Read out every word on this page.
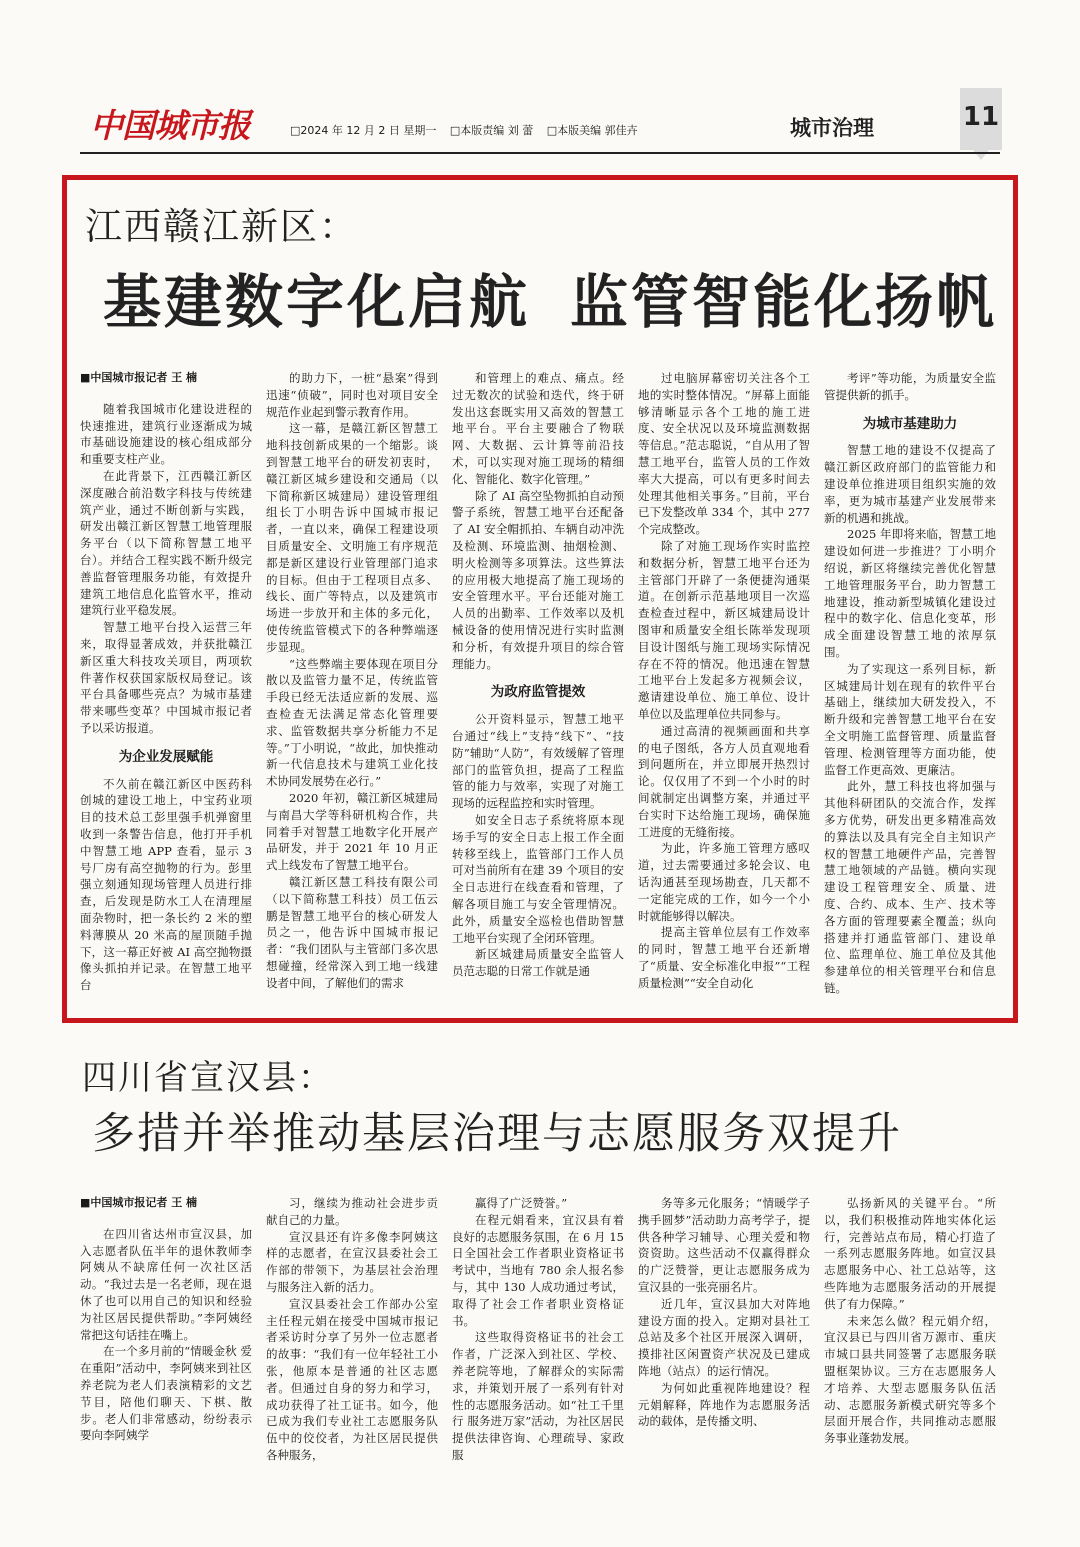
中国城市报	□2024 年 12 月 2 日 星期一 □本版责编 刘 蕾 □本版美编 郭佳卉	城市治理	11
江西赣江新区：
基建数字化启航 监管智能化扬帆

■中国城市报记者 王 楠

随着我国城市化建设进程的快速推进，建筑行业逐渐成为城市基础设施建设的核心组成部分和重要支柱产业。

在此背景下，江西赣江新区深度融合前沿数字科技与传统建筑产业，通过不断创新与实践，研发出赣江新区智慧工地管理服务平台（以下简称智慧工地平台）。并结合工程实践不断升级完善监督管理服务功能，有效提升建筑工地信息化监管水平，推动建筑行业平稳发展。

智慧工地平台投入运营三年来，取得显著成效，并获批赣江新区重大科技攻关项目，两项软件著作权获国家版权局登记。该平台具备哪些亮点？为城市基建带来哪些变革？中国城市报记者予以采访报道。

为企业发展赋能

不久前在赣江新区中医药科创城的建设工地上，中宝药业项目的技术总工彭里强手机弹窗里收到一条警告信息，他打开手机中智慧工地 APP 查看，显示 3 号厂房有高空抛物的行为。彭里强立刻通知现场管理人员进行排查，后发现是防水工人在清理屋面杂物时，把一条长约 2 米的塑料薄膜从 20 米高的屋顶随手抛下，这一幕正好被 AI 高空抛物摄像头抓拍并记录。在智慧工地平台

的助力下，一桩“悬案”得到迅速“侦破”，同时也对项目安全规范作业起到警示教育作用。

这一幕，是赣江新区智慧工地科技创新成果的一个缩影。谈到智慧工地平台的研发初衷时，赣江新区城乡建设和交通局（以下简称新区城建局）建设管理组组长丁小明告诉中国城市报记者，一直以来，确保工程建设项目质量安全、文明施工有序规范都是新区建设行业管理部门追求的目标。但由于工程项目点多、线长、面广等特点，以及建筑市场进一步放开和主体的多元化，使传统监管模式下的各种弊端逐步显现。

“这些弊端主要体现在项目分散以及监管力量不足，传统监管手段已经无法适应新的发展、巡查检查无法满足常态化管理要求、监管数据共享分析能力不足等。”丁小明说，“故此，加快推动新一代信息技术与建筑工业化技术协同发展势在必行。”

2020 年初，赣江新区城建局与南昌大学等科研机构合作，共同着手对智慧工地数字化开展产品研发，并于 2021 年 10 月正式上线发布了智慧工地平台。

赣江新区慧工科技有限公司（以下简称慧工科技）员工伍云鹏是智慧工地平台的核心研发人员之一，他告诉中国城市报记者：“我们团队与主管部门多次思想碰撞，经常深入到工地一线建设者中间，了解他们的需求

和管理上的难点、痛点。经过无数次的试验和迭代，终于研发出这套既实用又高效的智慧工地平台。平台主要融合了物联网、大数据、云计算等前沿技术，可以实现对施工现场的精细化、智能化、数字化管理。”

除了 AI 高空坠物抓拍自动预警子系统，智慧工地平台还配备了 AI 安全帽抓拍、车辆自动冲洗及检测、环境监测、抽烟检测、明火检测等多项算法。这些算法的应用极大地提高了施工现场的安全管理水平。平台还能对施工人员的出勤率、工作效率以及机械设备的使用情况进行实时监测和分析，有效提升项目的综合管理能力。

为政府监管提效

公开资料显示，智慧工地平台通过“线上”支持“线下”、“技防”辅助“人防”，有效缓解了管理部门的监管负担，提高了工程监管的能力与效率，实现了对施工现场的远程监控和实时管理。

如安全日志子系统将原本现场手写的安全日志上报工作全面转移至线上，监管部门工作人员可对当前所有在建 39 个项目的安全日志进行在线查看和管理，了解各项目施工与安全管理情况。此外，质量安全巡检也借助智慧工地平台实现了全闭环管理。

新区城建局质量安全监管人员范志聪的日常工作就是通

过电脑屏幕密切关注各个工地的实时整体情况。“屏幕上面能够清晰显示各个工地的施工进度、安全状况以及环境监测数据等信息。”范志聪说，“自从用了智慧工地平台，监管人员的工作效率大大提高，可以有更多时间去处理其他相关事务。”目前，平台已下发整改单 334 个，其中 277 个完成整改。

除了对施工现场作实时监控和数据分析，智慧工地平台还为主管部门开辟了一条便捷沟通渠道。在创新示范基地项目一次巡查检查过程中，新区城建局设计图审和质量安全组长陈举发现项目设计图纸与施工现场实际情况存在不符的情况。他迅速在智慧工地平台上发起多方视频会议，邀请建设单位、施工单位、设计单位以及监理单位共同参与。

通过高清的视频画面和共享的电子图纸，各方人员直观地看到问题所在，并立即展开热烈讨论。仅仅用了不到一个小时的时间就制定出调整方案，并通过平台实时下达给施工现场，确保施工进度的无缝衔接。

为此，许多施工管理方感叹道，过去需要通过多轮会议、电话沟通甚至现场勘查，几天都不一定能完成的工作，如今一个小时就能够得以解决。

提高主管单位层有工作效率的同时，智慧工地平台还新增了“质量、安全标准化申报”“工程质量检测”“安全自动化

考评”等功能，为质量安全监管提供新的抓手。

为城市基建助力

智慧工地的建设不仅提高了赣江新区政府部门的监管能力和建设单位推进项目组织实施的效率，更为城市基建产业发展带来新的机遇和挑战。

2025 年即将来临，智慧工地建设如何进一步推进？丁小明介绍说，新区将继续完善优化智慧工地管理服务平台，助力智慧工地建设，推动新型城镇化建设过程中的数字化、信息化变革，形成全面建设智慧工地的浓厚氛围。

为了实现这一系列目标，新区城建局计划在现有的软件平台基础上，继续加大研发投入，不断升级和完善智慧工地平台在安全文明施工监督管理、质量监督管理、检测管理等方面功能，使监督工作更高效、更廉洁。

此外，慧工科技也将加强与其他科研团队的交流合作，发挥多方优势，研发出更多精准高效的算法以及具有完全自主知识产权的智慧工地硬件产品，完善智慧工地领域的产品链。横向实现建设工程管理安全、质量、进度、合约、成本、生产、技术等各方面的管理要素全覆盖；纵向搭建并打通监管部门、建设单位、监理单位、施工单位及其他参建单位的相关管理平台和信息链。

四川省宣汉县：
多措并举推动基层治理与志愿服务双提升

■中国城市报记者 王 楠

在四川省达州市宣汉县，加入志愿者队伍半年的退休教师李阿姨从不缺席任何一次社区活动。“我过去是一名老师，现在退休了也可以用自己的知识和经验为社区居民提供帮助。”李阿姨经常把这句话挂在嘴上。

在一个多月前的“情暖金秋 爱在重阳”活动中，李阿姨来到社区养老院为老人们表演精彩的文艺节目，陪他们聊天、下棋、散步。老人们非常感动，纷纷表示要向李阿姨学

习，继续为推动社会进步贡献自己的力量。

宣汉县还有许多像李阿姨这样的志愿者，在宣汉县委社会工作部的带领下，为基层社会治理与服务注入新的活力。

宣汉县委社会工作部办公室主任程元娟在接受中国城市报记者采访时分享了另外一位志愿者的故事：“我们有一位年轻社工小张，他原本是普通的社区志愿者。但通过自身的努力和学习，成功获得了社工证书。如今，他已成为我们专业社工志愿服务队伍中的佼佼者，为社区居民提供各种服务，

赢得了广泛赞誉。”

在程元娟看来，宜汉县有着良好的志愿服务氛围，在 6 月 15 日全国社会工作者职业资格证书考试中，当地有 780 余人报名参与，其中 130 人成功通过考试，取得了社会工作者职业资格证书。

这些取得资格证书的社会工作者，广泛深入到社区、学校、养老院等地，了解群众的实际需求，并策划开展了一系列有针对性的志愿服务活动。如“社工千里行 服务进万家”活动，为社区居民提供法律咨询、心理疏导、家政服

务等多元化服务；“情暖学子 携手圆梦”活动助力高考学子，提供各种学习辅导、心理关爱和物资资助。这些活动不仅赢得群众的广泛赞誉，更让志愿服务成为宣汉县的一张亮丽名片。

近几年，宣汉县加大对阵地建设方面的投入。定期对县社工总站及多个社区开展深入调研，摸排社区闲置资产状况及已建成阵地（站点）的运行情况。

为何如此重视阵地建设？程元娟解释，阵地作为志愿服务活动的载体，是传播文明、

弘扬新风的关键平台。“所以，我们积极推动阵地实体化运行，完善站点布局，精心打造了一系列志愿服务阵地。如宣汉县志愿服务中心、社工总站等，这些阵地为志愿服务活动的开展提供了有力保障。”

未来怎么做？程元娟介绍，宜汉县已与四川省万源市、重庆市城口县共同签署了志愿服务联盟框架协议。三方在志愿服务人才培养、大型志愿服务队伍活动、志愿服务新模式研究等多个层面开展合作，共同推动志愿服务事业蓬勃发展。
